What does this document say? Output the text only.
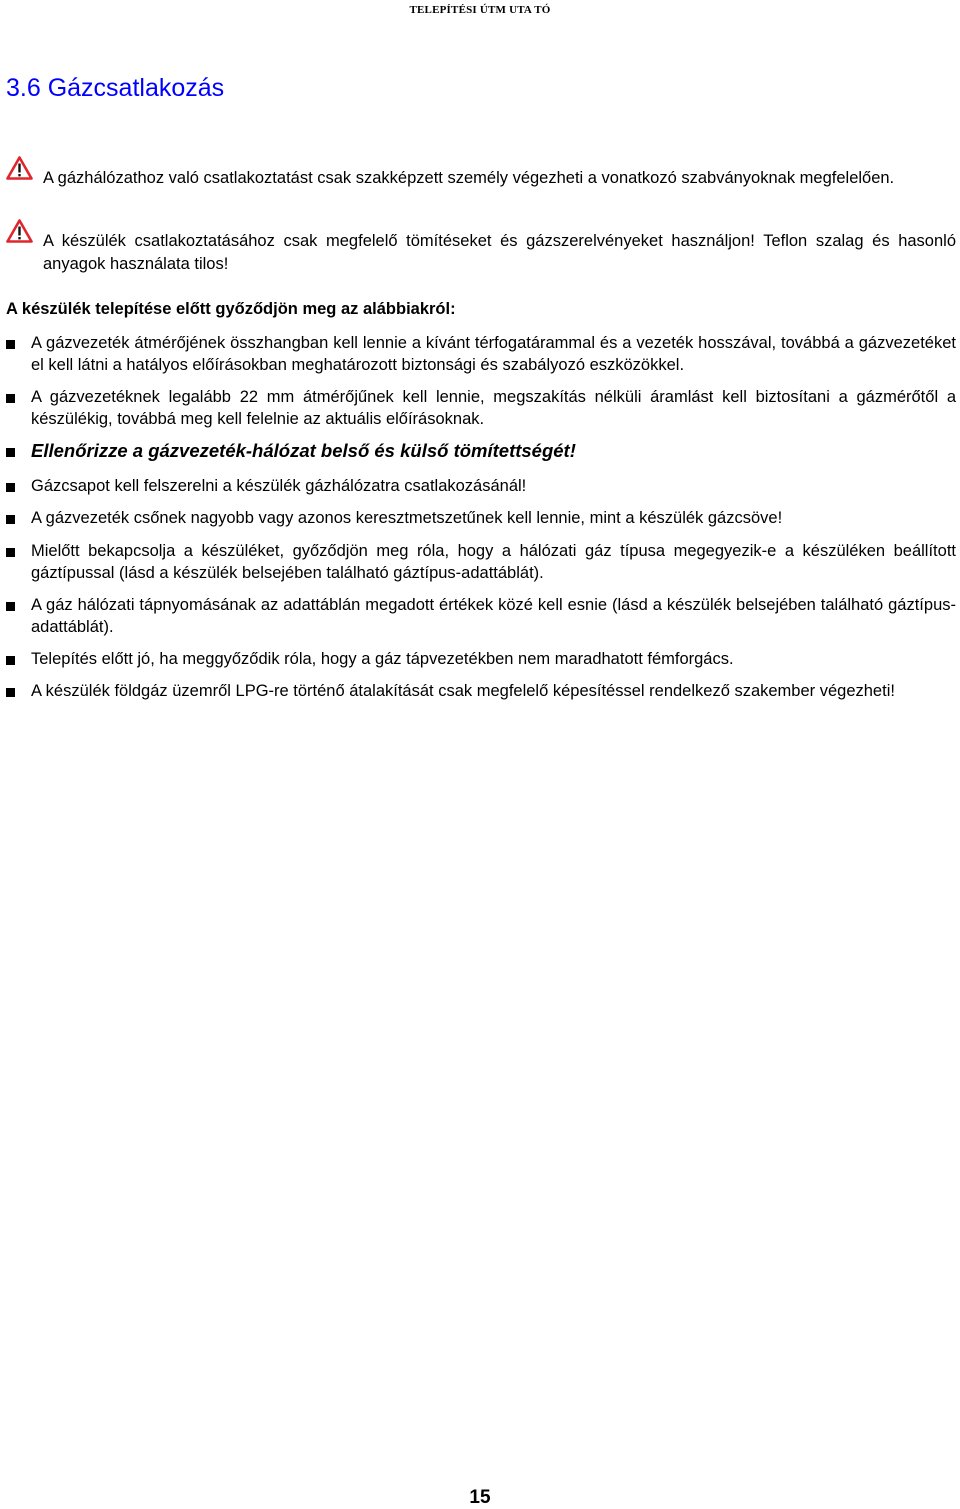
TELEPÍTÉSI ÚTM UTA TÓ
3.6 Gázcsatlakozás
A gázhálózathoz való csatlakoztatást csak szakképzett személy végezheti a vonatkozó szabványoknak megfelelően.
A készülék csatlakoztatásához csak megfelelő tömítéseket és gázszerelvényeket használjon! Teflon szalag és hasonló anyagok használata tilos!
A készülék telepítése előtt győződjön meg az alábbiakról:
A gázvezeték átmérőjének összhangban kell lennie a kívánt térfogatárammal és a vezeték hosszával, továbbá a gázvezetéket el kell látni a hatályos előírásokban meghatározott biztonsági és szabályozó eszközökkel.
A gázvezetéknek legalább 22 mm átmérőjűnek kell lennie, megszakítás nélküli áramlást kell biztosítani a gázmérőtől a készülékig, továbbá meg kell felelnie az aktuális előírásoknak.
Ellenőrizze a gázvezeték-hálózat belső és külső tömítettségét!
Gázcsapot kell felszerelni a készülék gázhálózatra csatlakozásánál!
A gázvezeték csőnek nagyobb vagy azonos keresztmetszetűnek kell lennie, mint a készülék gázcsöve!
Mielőtt bekapcsolja a készüléket, győződjön meg róla, hogy a hálózati gáz típusa megegyezik-e a készüléken beállított gáztípussal (lásd a készülék belsejében található gáztípus-adattáblát).
A gáz hálózati tápnyomásának az adattáblán megadott értékek közé kell esnie (lásd a készülék belsejében található gáztípus-adattáblát).
Telepítés előtt jó, ha meggyőződik róla, hogy a gáz tápvezetékben nem maradhatott fémforgács.
A készülék földgáz üzemről LPG-re történő átalakítását csak megfelelő képesítéssel rendelkező szakember végezheti!
15
